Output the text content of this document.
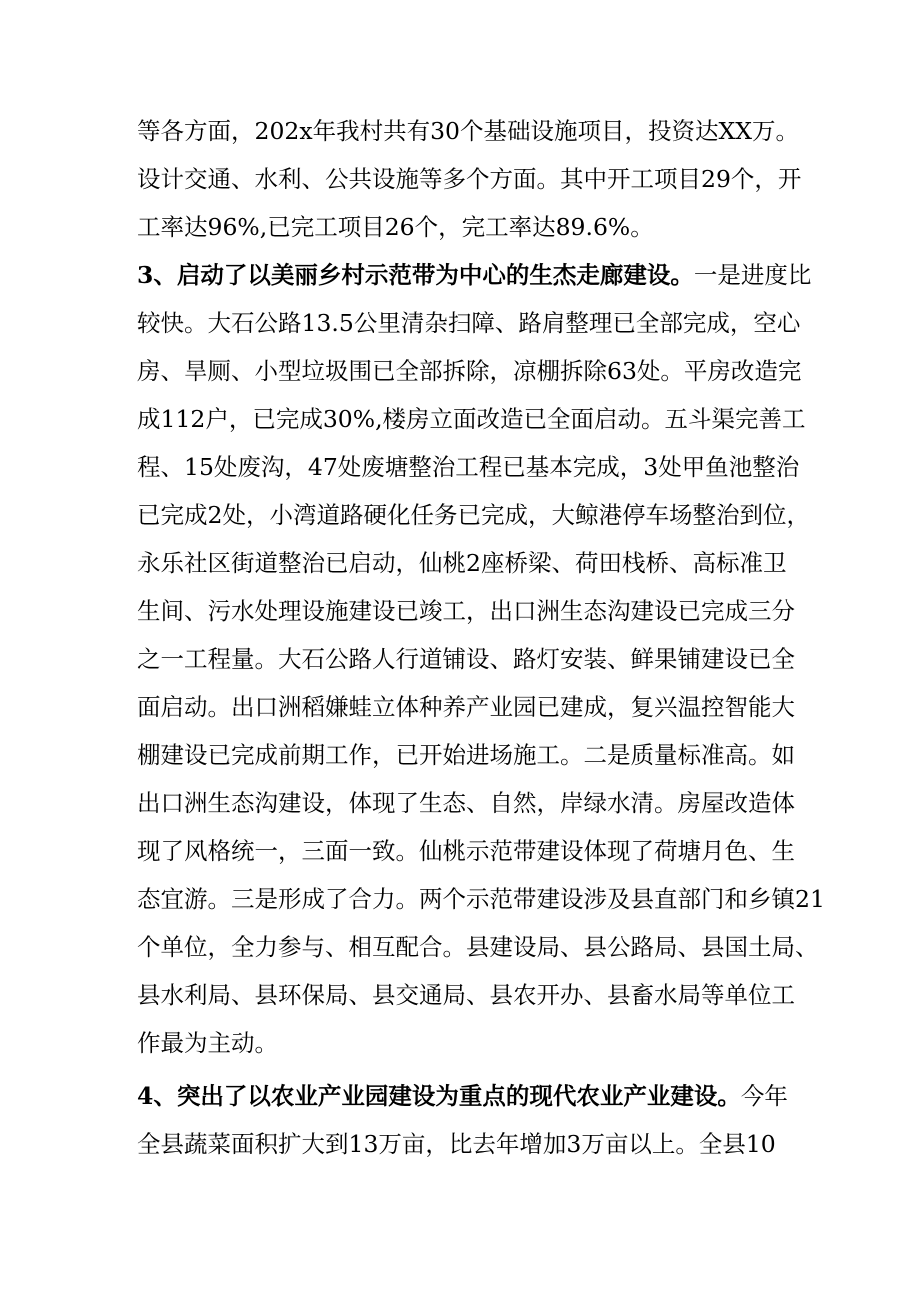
等各方面，202x年我村共有30个基础设施项目，投资达XX万。
设计交通、水利、公共设施等多个方面。其中开工项目29个，开
工率达96%,已完工项目26个，完工率达89.6%。
3、启动了以美丽乡村示范带为中心的生杰走廊建设。一是进度比
较快。大石公路13.5公里清杂扫障、路肩整理已全部完成，空心
房、旱厕、小型垃圾围已全部拆除，凉棚拆除63处。平房改造完
成112户，已完成30%,楼房立面改造已全面启动。五斗渠完善工
程、15处废沟，47处废塘整治工程已基本完成，3处甲鱼池整治
已完成2处，小湾道路硬化任务已完成，大鲸港停车场整治到位，
永乐社区街道整治已启动，仙桃2座桥梁、荷田栈桥、高标准卫
生间、污水处理设施建设已竣工，出口洲生态沟建设已完成三分
之一工程量。大石公路人行道铺设、路灯安装、鲜果铺建设已全
面启动。出口洲稻嫌蛙立体种养产业园已建成，复兴温控智能大
棚建设已完成前期工作，已开始进场施工。二是质量标准高。如
出口洲生态沟建设，体现了生态、自然，岸绿水清。房屋改造体
现了风格统一，三面一致。仙桃示范带建设体现了荷塘月色、生
态宜游。三是形成了合力。两个示范带建设涉及县直部门和乡镇21
个单位，全力参与、相互配合。县建设局、县公路局、县国土局、
县水利局、县环保局、县交通局、县农开办、县畜水局等单位工
作最为主动。
4、突出了以农业产业园建设为重点的现代农业产业建设。今年
全县蔬菜面积扩大到13万亩，比去年增加3万亩以上。全县10
